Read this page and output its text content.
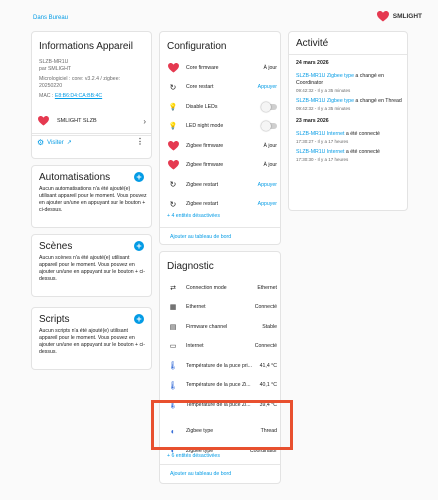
Dans Bureau	SMLIGHT
Informations Appareil
SLZB-MR1U
par SMLIGHT
Micrologiciel : core: v3.2.4 / zigbee:
20250220
MAC : E8:B6:D4:CA:BB:4C
SMLIGHT SLZB	›
⚙ Visiter ↗	⋮
Automatisations	+
Aucun automatisations n'a été ajouté(e) utilisant appareil pour le moment. Vous pouvez en ajouter un/une en appuyant sur le bouton + ci-dessus.
Scènes	+
Aucun scènes n'a été ajouté(e) utilisant appareil pour le moment. Vous pouvez en ajouter un/une en appuyant sur le bouton + ci-dessus.
Scripts	+
Aucun scripts n'a été ajouté(e) utilisant appareil pour le moment. Vous pouvez en ajouter un/une en appuyant sur le bouton + ci-dessus.
Configuration
Core firmware	À jour
↻	Core restart	Appuyer
💡	Disable LEDs
💡	LED night mode
Zigbee firmware	À jour
Zigbee firmware	À jour
↻	Zigbee restart	Appuyer
↻	Zigbee restart	Appuyer
+ 4 entités désactivées
Ajouter au tableau de bord
Diagnostic
⇄	Connection mode	Ethernet
▦	Ethernet	Connecté
▤	Firmware channel	Stable
▭	Internet	Connecté
🌡 Température de la puce pri...	41,4 °C
🌡 Température de la puce Zi...	40,1 °C
🌡 Température de la puce Zi...	39,4 °C
◐	Zigbee type	Thread
◐	Zigbee type	Coordinator
+ 6 entités désactivées
Ajouter au tableau de bord
Activité
24 mars 2026
SLZB-MR1U Zigbee type a changé en Coordinator
09:42:32 - Il y a 35 minutes
SLZB-MR1U Zigbee type a changé en Thread
09:42:32 - Il y a 35 minutes
23 mars 2026
SLZB-MR1U Internet a été connecté
17:30:27 - Il y a 17 heures
SLZB-MR1U Internet a été connecté
17:30:30 - Il y a 17 heures
